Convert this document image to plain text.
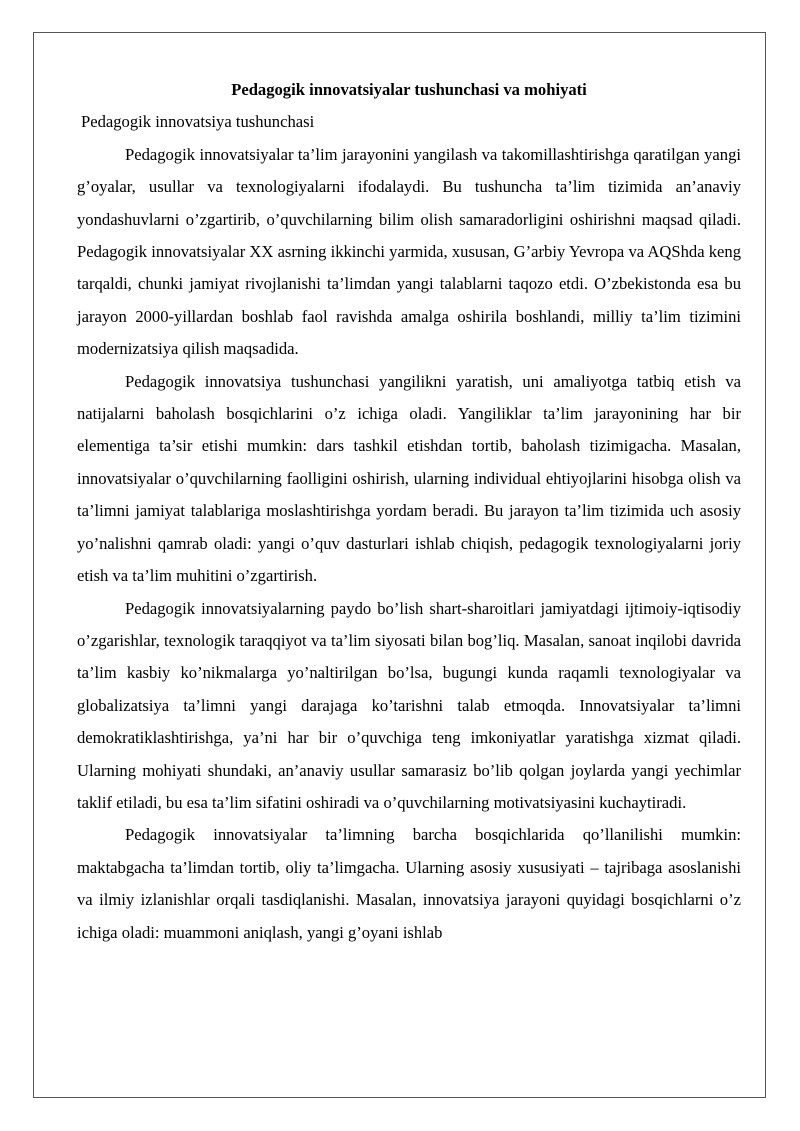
Pedagogik innovatsiyalar tushunchasi va mohiyati

Pedagogik innovatsiya tushunchasi

Pedagogik innovatsiyalar ta’lim jarayonini yangilash va takomillashtirishga qaratilgan yangi g’oyalar, usullar va texnologiyalarni ifodalaydi. Bu tushuncha ta’lim tizimida an’anaviy yondashuvlarni o’zgartirib, o’quvchilarning bilim olish samaradorligini oshirishni maqsad qiladi. Pedagogik innovatsiyalar XX asrning ikkinchi yarmida, xususan, G’arbiy Yevropa va AQShda keng tarqaldi, chunki jamiyat rivojlanishi ta’limdan yangi talablarni taqozo etdi. O’zbekistonda esa bu jarayon 2000-yillardan boshlab faol ravishda amalga oshirila boshlandi, milliy ta’lim tizimini modernizatsiya qilish maqsadida.

Pedagogik innovatsiya tushunchasi yangilikni yaratish, uni amaliyotga tatbiq etish va natijalarni baholash bosqichlarini o’z ichiga oladi. Yangiliklar ta’lim jarayonining har bir elementiga ta’sir etishi mumkin: dars tashkil etishdan tortib, baholash tizimigacha. Masalan, innovatsiyalar o’quvchilarning faolligini oshirish, ularning individual ehtiyojlarini hisobga olish va ta’limni jamiyat talablariga moslashtirishga yordam beradi. Bu jarayon ta’lim tizimida uch asosiy yo’nalishni qamrab oladi: yangi o’quv dasturlari ishlab chiqish, pedagogik texnologiyalarni joriy etish va ta’lim muhitini o’zgartirish.

Pedagogik innovatsiyalarning paydo bo’lish shart-sharoitlari jamiyatdagi ijtimoiy-iqtisodiy o’zgarishlar, texnologik taraqqiyot va ta’lim siyosati bilan bog’liq. Masalan, sanoat inqilobi davrida ta’lim kasbiy ko’nikmalarga yo’naltirilgan bo’lsa, bugungi kunda raqamli texnologiyalar va globalizatsiya ta’limni yangi darajaga ko’tarishni talab etmoqda. Innovatsiyalar ta’limni demokratiklashtirishga, ya’ni har bir o’quvchiga teng imkoniyatlar yaratishga xizmat qiladi. Ularning mohiyati shundaki, an’anaviy usullar samarasiz bo’lib qolgan joylarda yangi yechimlar taklif etiladi, bu esa ta’lim sifatini oshiradi va o’quvchilarning motivatsiyasini kuchaytiradi.

Pedagogik innovatsiyalar ta’limning barcha bosqichlarida qo’llanilishi mumkin: maktabgacha ta’limdan tortib, oliy ta’limgacha. Ularning asosiy xususiyati – tajribaga asoslanishi va ilmiy izlanishlar orqali tasdiqlanishi. Masalan, innovatsiya jarayoni quyidagi bosqichlarni o’z ichiga oladi: muammoni aniqlash, yangi g’oyani ishlab
